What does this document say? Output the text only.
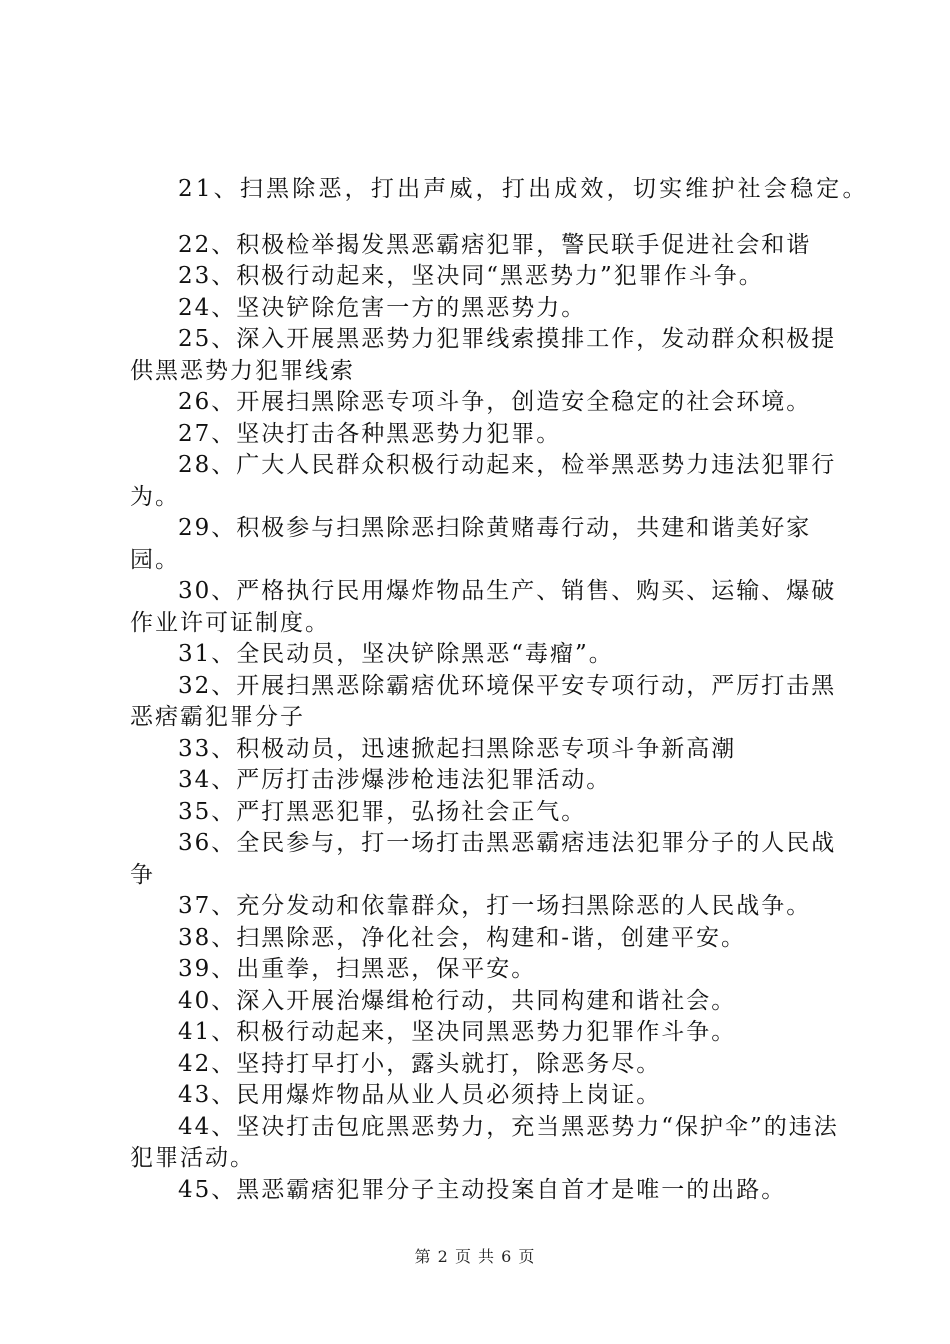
21、扫黑除恶，打出声威，打出成效，切实维护社会稳定。

22、积极检举揭发黑恶霸痞犯罪，警民联手促进社会和谐

23、积极行动起来，坚决同“黑恶势力”犯罪作斗争。

24、坚决铲除危害一方的黑恶势力。

25、深入开展黑恶势力犯罪线索摸排工作，发动群众积极提供黑恶势力犯罪线索

26、开展扫黑除恶专项斗争，创造安全稳定的社会环境。

27、坚决打击各种黑恶势力犯罪。

28、广大人民群众积极行动起来，检举黑恶势力违法犯罪行为。

29、积极参与扫黑除恶扫除黄赌毒行动，共建和谐美好家园。

30、严格执行民用爆炸物品生产、销售、购买、运输、爆破作业许可证制度。

31、全民动员，坚决铲除黑恶“毒瘤”。

32、开展扫黑恶除霸痞优环境保平安专项行动，严厉打击黑恶痞霸犯罪分子

33、积极动员，迅速掀起扫黑除恶专项斗争新高潮

34、严厉打击涉爆涉枪违法犯罪活动。

35、严打黑恶犯罪，弘扬社会正气。

36、全民参与，打一场打击黑恶霸痞违法犯罪分子的人民战争

37、充分发动和依靠群众，打一场扫黑除恶的人民战争。

38、扫黑除恶，净化社会，构建和-谐，创建平安。

39、出重拳，扫黑恶，保平安。

40、深入开展治爆缉枪行动，共同构建和谐社会。

41、积极行动起来，坚决同黑恶势力犯罪作斗争。

42、坚持打早打小，露头就打，除恶务尽。

43、民用爆炸物品从业人员必须持上岗证。

44、坚决打击包庇黑恶势力，充当黑恶势力“保护伞”的违法犯罪活动。

45、黑恶霸痞犯罪分子主动投案自首才是唯一的出路。

第 2 页 共 6 页
